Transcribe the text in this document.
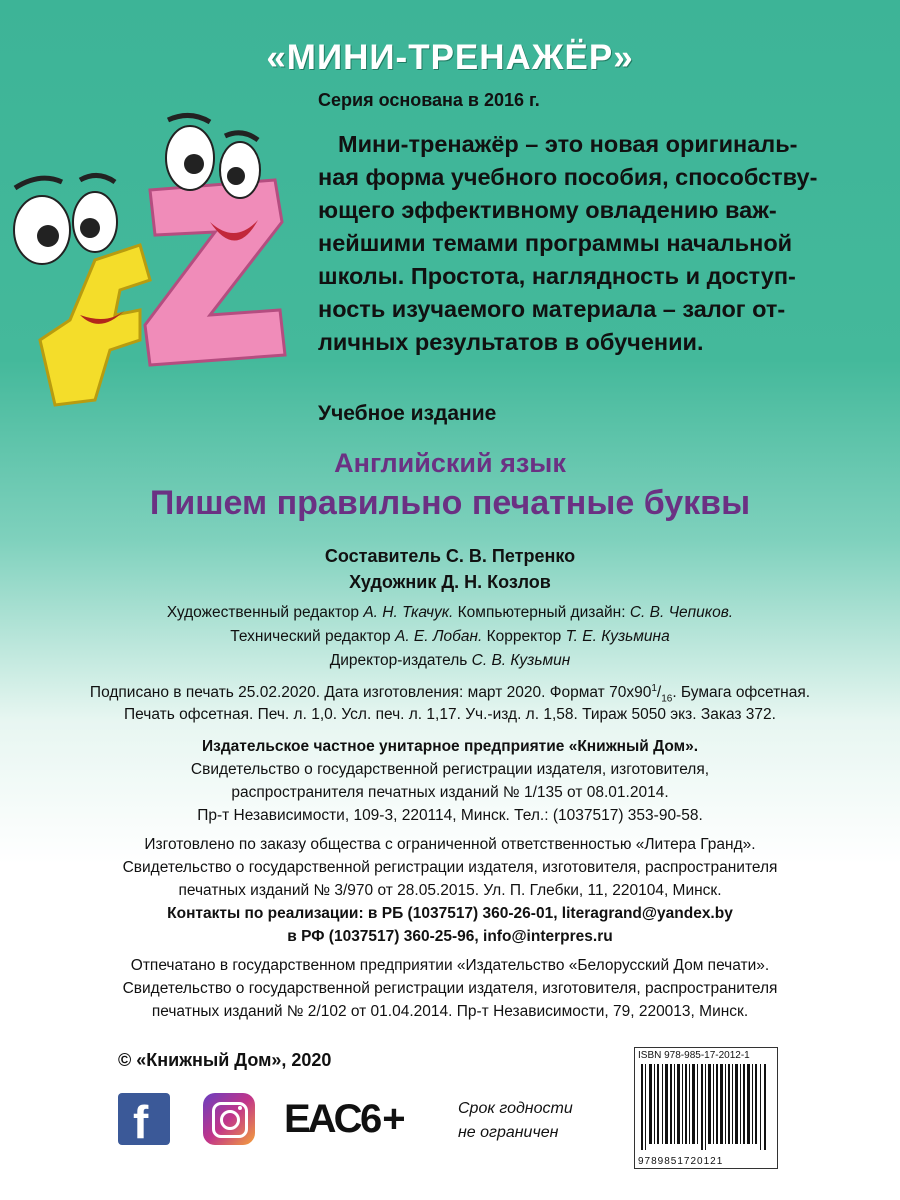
«МИНИ-ТРЕНАЖЁР»
Серия основана в 2016 г.
Мини-тренажёр – это новая оригиналь-
ная форма учебного пособия, способству-
ющего эффективному овладению важ-
нейшими темами программы начальной
школы. Простота, наглядность и доступ-
ность изучаемого материала – залог от-
личных результатов в обучении.
Учебное издание
Английский язык
Пишем правильно печатные буквы
Составитель С. В. Петренко
Художник Д. Н. Козлов
Художественный редактор А. Н. Ткачук. Компьютерный дизайн: С. В. Чепиков.
Технический редактор А. Е. Лобан. Корректор Т. Е. Кузьмина
Директор-издатель С. В. Кузьмин
Подписано в печать 25.02.2020. Дата изготовления: март 2020. Формат $70x90^1/_{16}$. Бумага офсетная.
Печать офсетная. Печ. л. 1,0. Усл. печ. л. 1,17. Уч.-изд. л. 1,58. Тираж 5050 экз. Заказ 372.
Издательское частное унитарное предприятие «Книжный Дом».
Свидетельство о государственной регистрации издателя, изготовителя,
распространителя печатных изданий № 1/135 от 08.01.2014.
Пр-т Независимости, 109-3, 220114, Минск. Тел.: (1037517) 353-90-58.
Изготовлено по заказу общества с ограниченной ответственностью «Литера Гранд».
Свидетельство о государственной регистрации издателя, изготовителя, распространителя
печатных изданий № 3/970 от 28.05.2015. Ул. П. Глебки, 11, 220104, Минск.
Контакты по реализации: в РБ (1037517) 360-26-01, literagrand@yandex.by
в РФ (1037517) 360-25-96, info@interpres.ru
Отпечатано в государственном предприятии «Издательство «Белорусский Дом печати».
Свидетельство о государственной регистрации издателя, изготовителя, распространителя
печатных изданий № 2/102 от 01.04.2014. Пр-т Независимости, 79, 220013, Минск.
© «Книжный Дом», 2020
f	EAC 6+	Срок годности
не ограничен
ISBN 978-985-17-2012-1
9789851720121
